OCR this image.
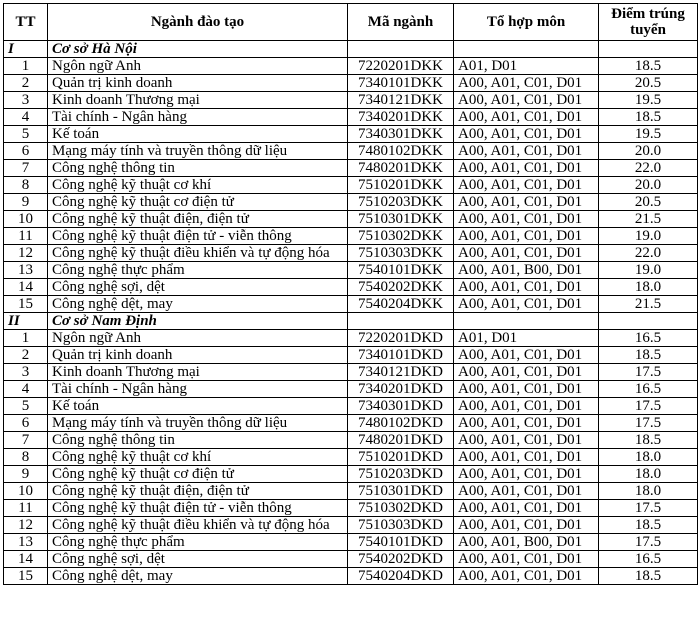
TT	Ngành đào tạo	Mã ngành	Tổ hợp môn	Điểm trúng tuyển
I	Cơ sở Hà Nội			
1	Ngôn ngữ Anh	7220201DKK	A01, D01	18.5
2	Quản trị kinh doanh	7340101DKK	A00, A01, C01, D01	20.5
3	Kinh doanh Thương mại	7340121DKK	A00, A01, C01, D01	19.5
4	Tài chính - Ngân hàng	7340201DKK	A00, A01, C01, D01	18.5
5	Kế toán	7340301DKK	A00, A01, C01, D01	19.5
6	Mạng máy tính và truyền thông dữ liệu	7480102DKK	A00, A01, C01, D01	20.0
7	Công nghệ thông tin	7480201DKK	A00, A01, C01, D01	22.0
8	Công nghệ kỹ thuật cơ khí	7510201DKK	A00, A01, C01, D01	20.0
9	Công nghệ kỹ thuật cơ điện tử	7510203DKK	A00, A01, C01, D01	20.5
10	Công nghệ kỹ thuật điện, điện tử	7510301DKK	A00, A01, C01, D01	21.5
11	Công nghệ kỹ thuật điện tử - viễn thông	7510302DKK	A00, A01, C01, D01	19.0
12	Công nghệ kỹ thuật điều khiển và tự động hóa	7510303DKK	A00, A01, C01, D01	22.0
13	Công nghệ thực phẩm	7540101DKK	A00, A01, B00, D01	19.0
14	Công nghệ sợi, dệt	7540202DKK	A00, A01, C01, D01	18.0
15	Công nghệ dệt, may	7540204DKK	A00, A01, C01, D01	21.5
II	Cơ sở Nam Định			
1	Ngôn ngữ Anh	7220201DKD	A01, D01	16.5
2	Quản trị kinh doanh	7340101DKD	A00, A01, C01, D01	18.5
3	Kinh doanh Thương mại	7340121DKD	A00, A01, C01, D01	17.5
4	Tài chính - Ngân hàng	7340201DKD	A00, A01, C01, D01	16.5
5	Kế toán	7340301DKD	A00, A01, C01, D01	17.5
6	Mạng máy tính và truyền thông dữ liệu	7480102DKD	A00, A01, C01, D01	17.5
7	Công nghệ thông tin	7480201DKD	A00, A01, C01, D01	18.5
8	Công nghệ kỹ thuật cơ khí	7510201DKD	A00, A01, C01, D01	18.0
9	Công nghệ kỹ thuật cơ điện tử	7510203DKD	A00, A01, C01, D01	18.0
10	Công nghệ kỹ thuật điện, điện tử	7510301DKD	A00, A01, C01, D01	18.0
11	Công nghệ kỹ thuật điện tử - viễn thông	7510302DKD	A00, A01, C01, D01	17.5
12	Công nghệ kỹ thuật điều khiển và tự động hóa	7510303DKD	A00, A01, C01, D01	18.5
13	Công nghệ thực phẩm	7540101DKD	A00, A01, B00, D01	17.5
14	Công nghệ sợi, dệt	7540202DKD	A00, A01, C01, D01	16.5
15	Công nghệ dệt, may	7540204DKD	A00, A01, C01, D01	18.5
